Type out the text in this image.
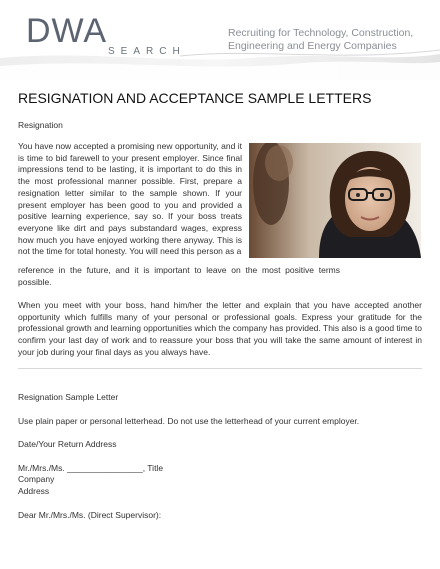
DWA
SEARCH
Recruiting for Technology, Construction,
Engineering and Energy Companies
RESIGNATION AND ACCEPTANCE SAMPLE LETTERS
Resignation
You have now accepted a promising new opportunity, and it is time to bid farewell to your present employer. Since final impressions tend to be lasting, it is important to do this in the most professional manner possible. First, prepare a resignation letter similar to the sample shown. If your present employer has been good to you and provided a positive learning experience, say so. If your boss treats everyone like dirt and pays substandard wages, express how much you have enjoyed working there anyway. This is not the time for total honesty. You will need this person as a
reference in the future, and it is important to leave on the most positive terms possible.
When you meet with your boss, hand him/her the letter and explain that you have accepted another opportunity which fulfills many of your personal or professional goals. Express your gratitude for the professional growth and learning opportunities which the company has provided. This also is a good time to confirm your last day of work and to reassure your boss that you will take the same amount of interest in your job during your final days as you always have.
Resignation Sample Letter
Use plain paper or personal letterhead. Do not use the letterhead of your current employer.
Date/Your Return Address
Mr./Mrs./Ms. ________________, Title
Company
Address
Dear Mr./Mrs./Ms. (Direct Supervisor):
